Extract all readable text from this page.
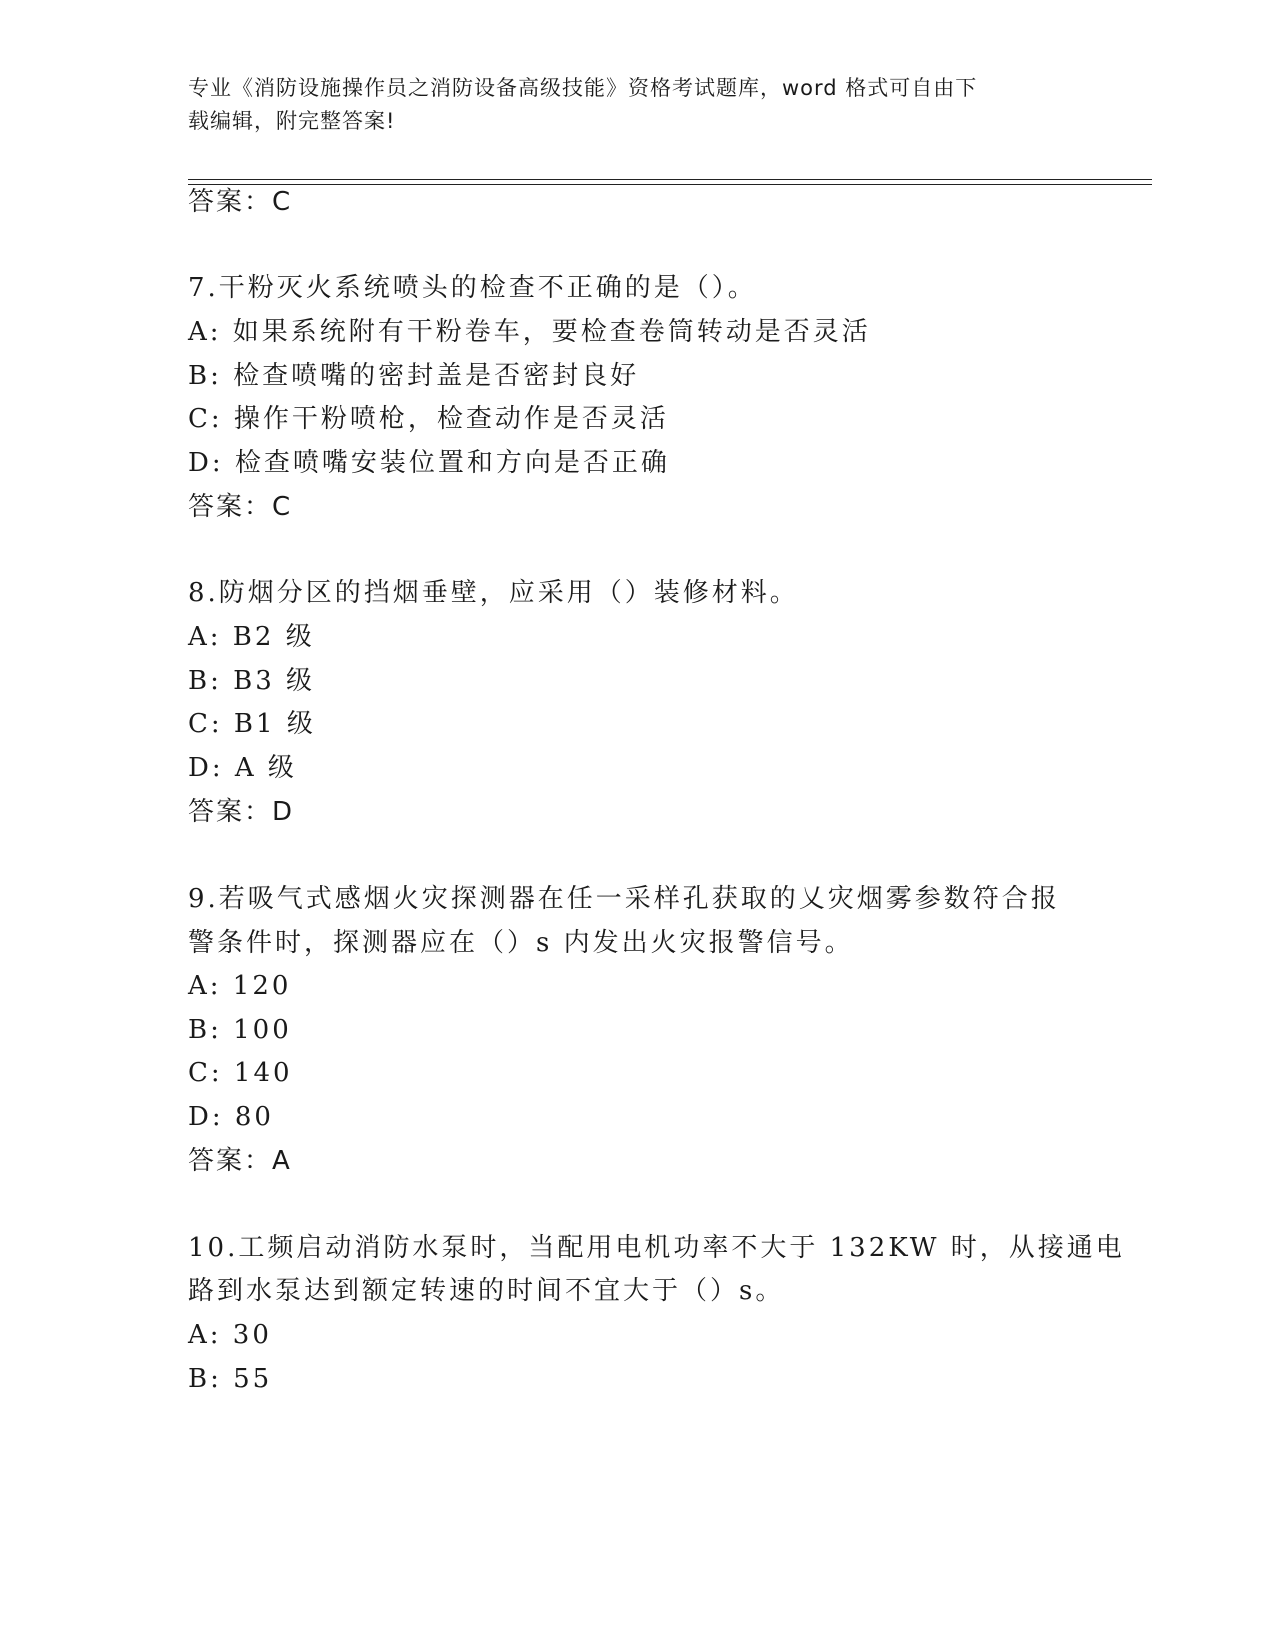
专业《消防设施操作员之消防设备高级技能》资格考试题库，word 格式可自由下
载编辑，附完整答案!
答案：C
7.干粉灭火系统喷头的检查不正确的是（）。
A: 如果系统附有干粉卷车，要检查卷筒转动是否灵活
B: 检查喷嘴的密封盖是否密封良好
C: 操作干粉喷枪，检查动作是否灵活
D: 检查喷嘴安装位置和方向是否正确
答案：C
8.防烟分区的挡烟垂壁，应采用（）装修材料。
A: B2 级
B: B3 级
C: B1 级
D: A 级
答案：D
9.若吸气式感烟火灾探测器在任一采样孔获取的乂灾烟雾参数符合报
警条件时，探测器应在（）s 内发出火灾报警信号。
A: 120
B: 100
C: 140
D: 80
答案：A
10.工频启动消防水泵时，当配用电机功率不大于 132KW 时，从接通电
路到水泵达到额定转速的时间不宜大于（）s。
A: 30
B: 55
